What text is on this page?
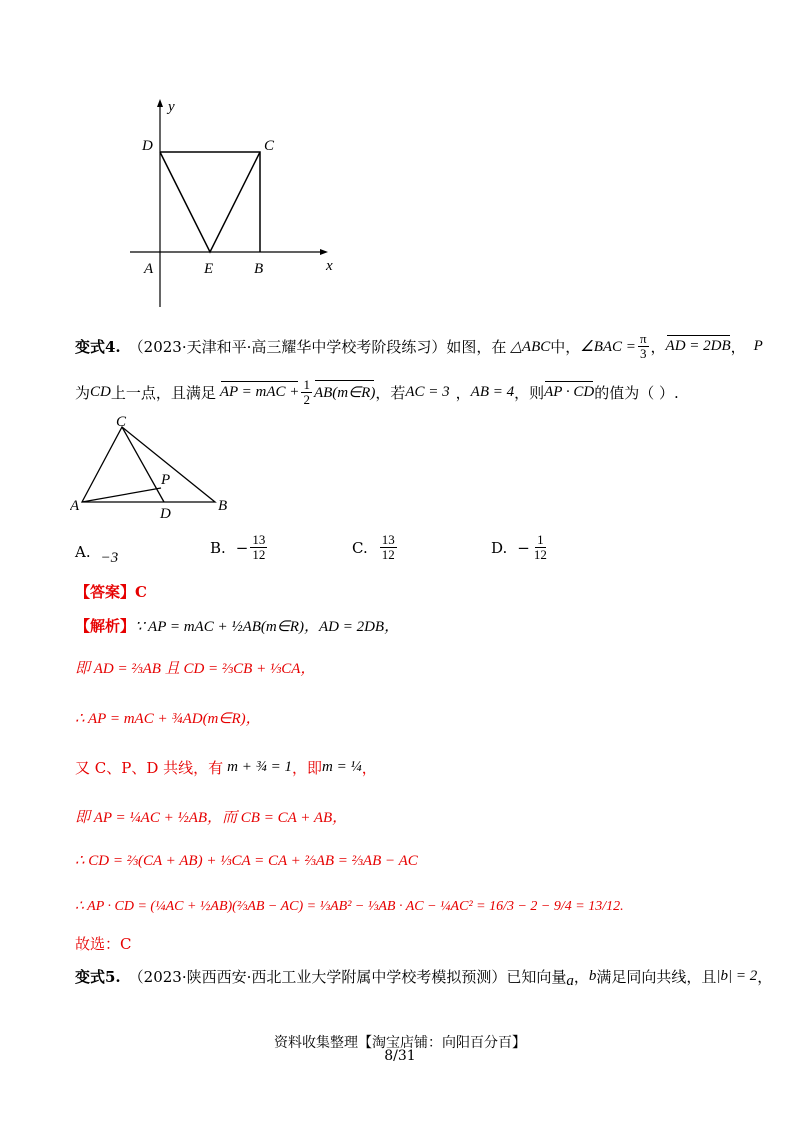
y
x
D	C
A	E	B
变式4. （2023·天津和平·高三耀华中学校考阶段练习）如图，在 △ABC 中， ∠BAC = $\frac{\pi}{3}$ ， AD = 2DB ， P
为 CD 上一点，且满足 AP = mAC + $\frac{1}{2}$ AB(m∈R) ，若 AC = 3 ， AB = 4 ，则 AP · CD 的值为（ ）.
C
P
A	D	B
A. −3
B. − $\frac{13}{12}$	C. $\frac{13}{12}$	D. − $\frac{1}{12}$
【答案】 C
【解析】 ∵ AP = mAC + ½AB(m∈R)，AD = 2DB，
即 AD = ⅔AB 且 CD = ⅔CB + ⅓CA，
∴ AP = mAC + ¾AD(m∈R)，
又 C、P、D 共线，有 m + ¾ = 1 ，即 m = ¼ ，
即 AP = ¼AC + ½AB，而 CB = CA + AB，
∴ CD = ⅔(CA + AB) + ⅓CA = CA + ⅔AB = ⅔AB − AC
∴ AP · CD = (¼AC + ½AB)(⅔AB − AC) = ⅓AB² − ⅓AB · AC − ¼AC² = 16/3 − 2 − 9/4 = 13/12.
故选：C
变式5. （2023·陕西西安·西北工业大学附属中学校考模拟预测）已知向量 a ， b 满足同向共线，且 |b| = 2 ，
资料收集整理【淘宝店铺：向阳百分百】
8/31
